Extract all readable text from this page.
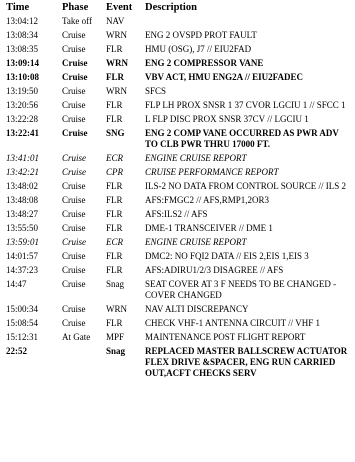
Time	Phase	Event	Description
13:04:12	Take off	NAV	
13:08:34	Cruise	WRN	ENG 2 OVSPD PROT FAULT
13:08:35	Cruise	FLR	HMU (OSG), J7 // EIU2FAD
13:09:14	Cruise	WRN	ENG 2 COMPRESSOR VANE
13:10:08	Cruise	FLR	VBV ACT, HMU ENG2A // EIU2FADEC
13:19:50	Cruise	WRN	SFCS
13:20:56	Cruise	FLR	FLP LH PROX SNSR 1 37 CVOR LGCIU 1 // SFCC 1
13:22:28	Cruise	FLR	L FLP DISC PROX SNSR 37CV // LGCIU 1
13:22:41	Cruise	SNG	ENG 2 COMP VANE OCCURRED AS PWR ADV TO CLB PWR THRU 17000 FT.
13:41:01	Cruise	ECR	ENGINE CRUISE REPORT
13:42:21	Cruise	CPR	CRUISE PERFORMANCE REPORT
13:48:02	Cruise	FLR	ILS-2 NO DATA FROM CONTROL SOURCE // ILS 2
13:48:08	Cruise	FLR	AFS:FMGC2 // AFS,RMP1,2OR3
13:48:27	Cruise	FLR	AFS:ILS2 // AFS
13:55:50	Cruise	FLR	DME-1 TRANSCEIVER // DME 1
13:59:01	Cruise	ECR	ENGINE CRUISE REPORT
14:01:57	Cruise	FLR	DMC2: NO FQI2 DATA // EIS 2,EIS 1,EIS 3
14:37:23	Cruise	FLR	AFS:ADIRU1/2/3 DISAGREE // AFS
14:47	Cruise	Snag	SEAT COVER AT 3 F NEEDS TO BE CHANGED - COVER CHANGED
15:00:34	Cruise	WRN	NAV ALTI DISCREPANCY
15:08:54	Cruise	FLR	CHECK VHF-1 ANTENNA CIRCUIT // VHF 1
15:12:31	At Gate	MPF	MAINTENANCE POST FLIGHT REPORT
22:52		Snag	REPLACED MASTER BALLSCREW ACTUATOR FLEX DRIVE &SPACER, ENG RUN CARRIED OUT,ACFT CHECKS SERV
